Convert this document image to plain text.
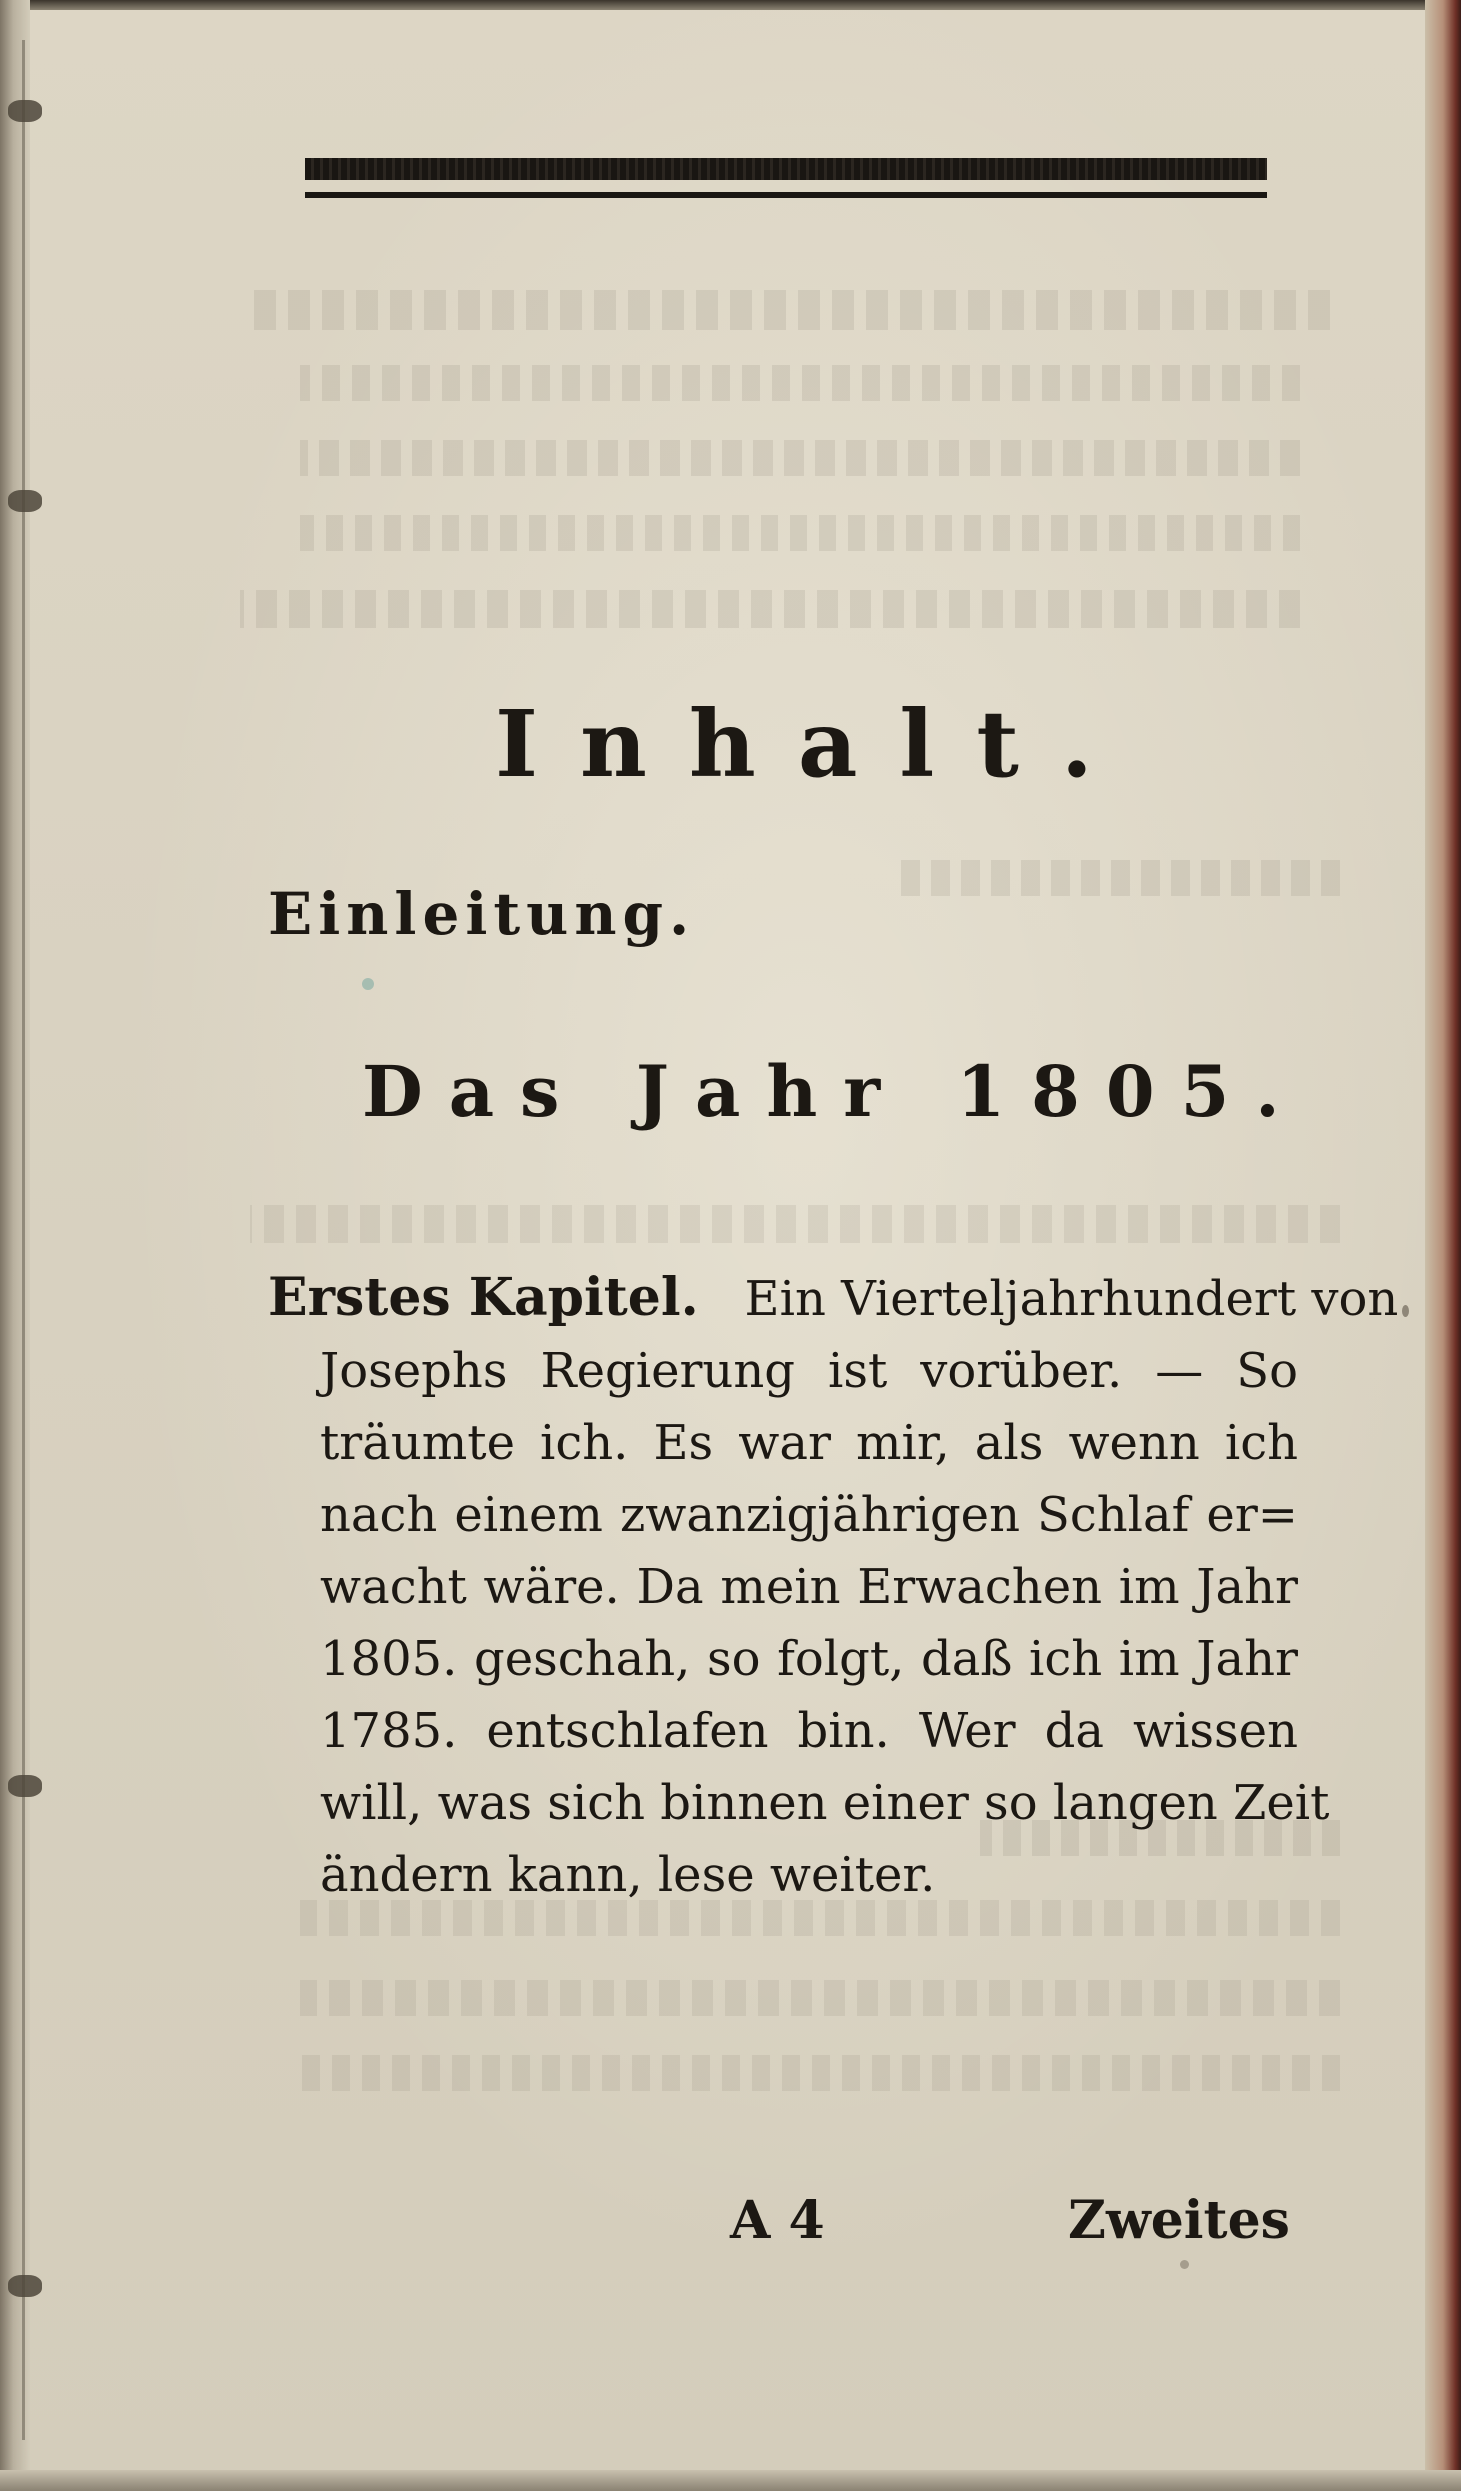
Inhalt.
Einleitung.
Das Jahr 1805.
Erstes Kapitel. Ein Vierteljahrhundert von
Josephs Regierung ist vorüber. — So
träumte ich. Es war mir, als wenn ich
nach einem zwanzigjährigen Schlaf er=
wacht wäre. Da mein Erwachen im Jahr
1805. geschah, so folgt, daß ich im Jahr
1785. entschlafen bin. Wer da wissen
will, was sich binnen einer so langen Zeit
ändern kann, lese weiter.
A 4	Zweites
